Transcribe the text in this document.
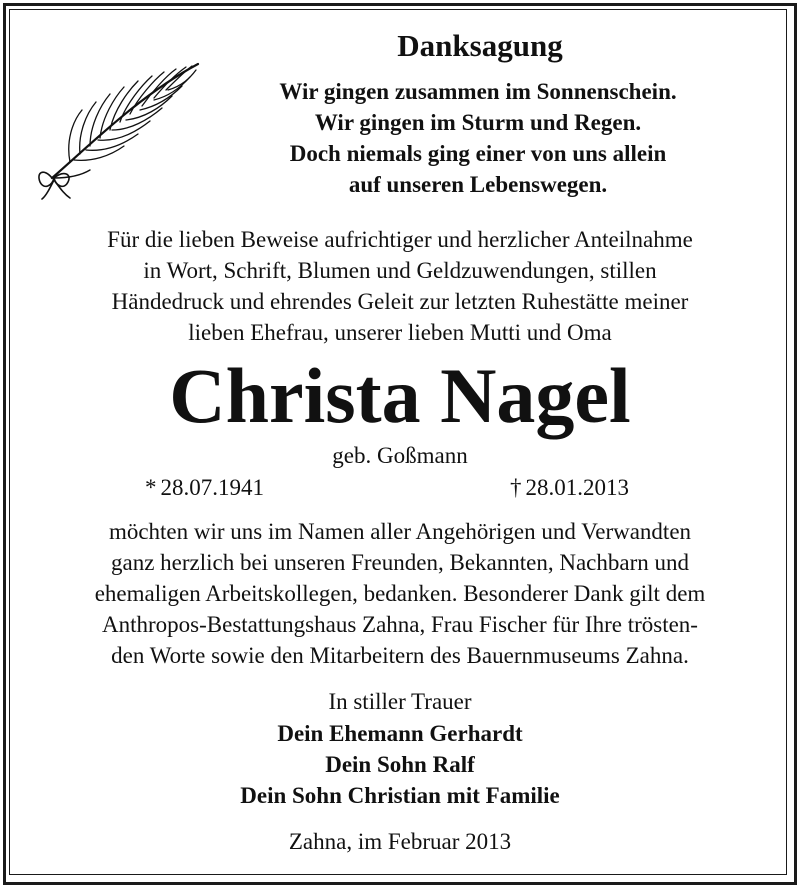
Danksagung
Wir gingen zusammen im Sonnenschein.
Wir gingen im Sturm und Regen.
Doch niemals ging einer von uns allein
auf unseren Lebenswegen.
Für die lieben Beweise aufrichtiger und herzlicher Anteilnahme
in Wort, Schrift, Blumen und Geldzuwendungen, stillen
Händedruck und ehrendes Geleit zur letzten Ruhestätte meiner
lieben Ehefrau, unserer lieben Mutti und Oma
Christa Nagel
geb. Goßmann
* 28.07.1941	† 28.01.2013
möchten wir uns im Namen aller Angehörigen und Verwandten
ganz herzlich bei unseren Freunden, Bekannten, Nachbarn und
ehemaligen Arbeitskollegen, bedanken. Besonderer Dank gilt dem
Anthropos-Bestattungshaus Zahna, Frau Fischer für Ihre trösten-
den Worte sowie den Mitarbeitern des Bauernmuseums Zahna.
In stiller Trauer
Dein Ehemann Gerhardt
Dein Sohn Ralf
Dein Sohn Christian mit Familie
Zahna, im Februar 2013
